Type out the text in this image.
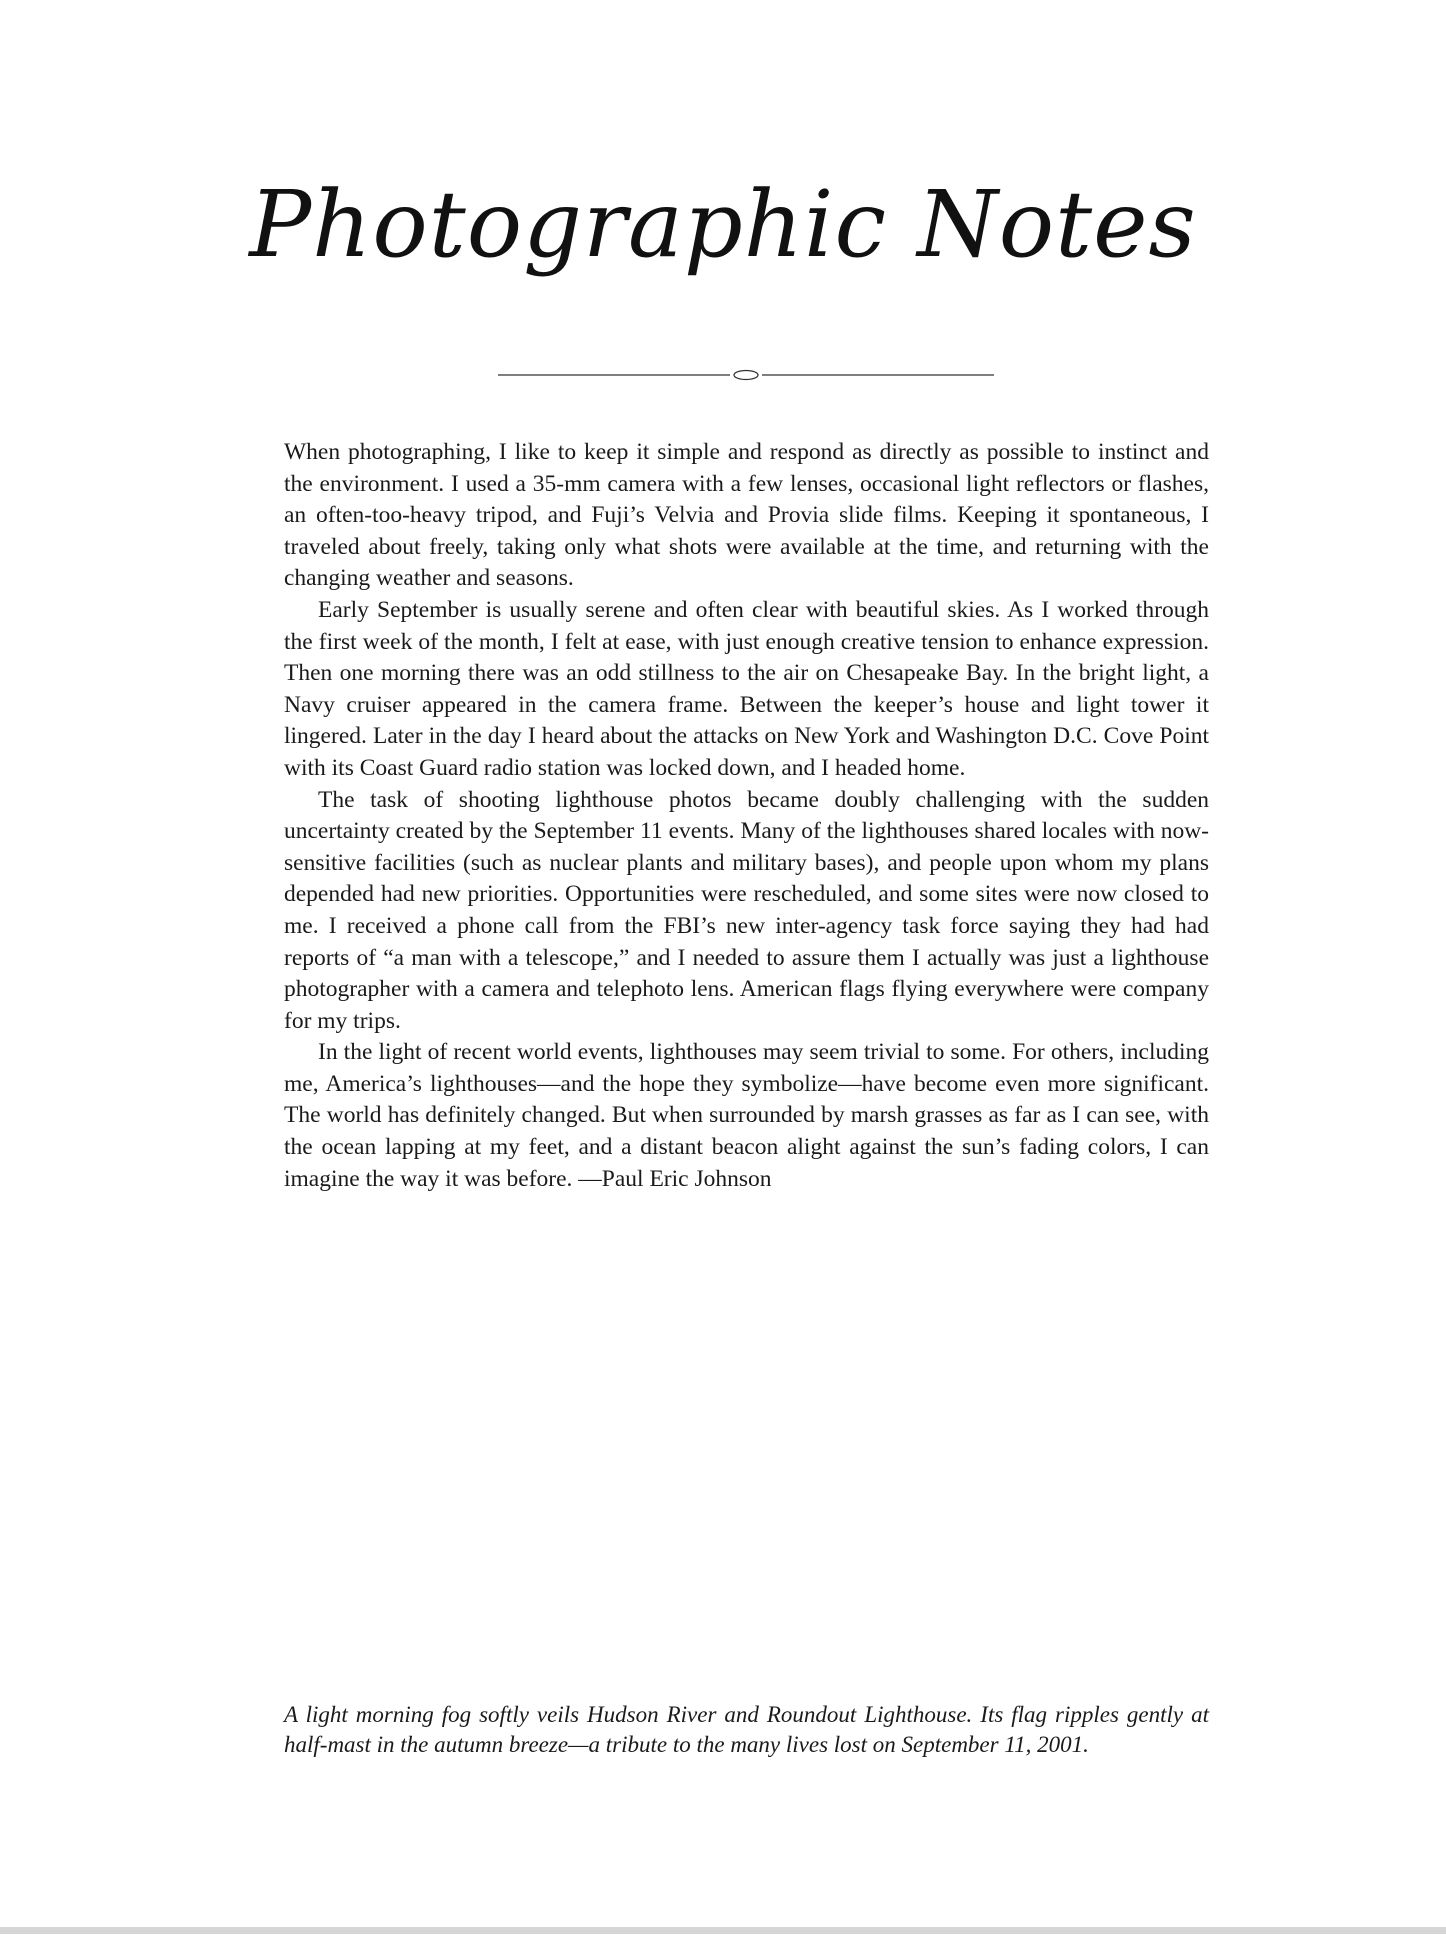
Photographic Notes

When photographing, I like to keep it simple and respond as directly as possible to instinct and the environment. I used a 35-mm camera with a few lenses, occasional light reflectors or flashes, an often-too-heavy tripod, and Fuji’s Velvia and Provia slide films. Keeping it spontaneous, I traveled about freely, taking only what shots were available at the time, and returning with the changing weather and seasons.

Early September is usually serene and often clear with beautiful skies. As I worked through the first week of the month, I felt at ease, with just enough creative tension to enhance expression. Then one morning there was an odd stillness to the air on Chesapeake Bay. In the bright light, a Navy cruiser appeared in the camera frame. Between the keeper’s house and light tower it lingered. Later in the day I heard about the attacks on New York and Washington D.C. Cove Point with its Coast Guard radio station was locked down, and I headed home.

The task of shooting lighthouse photos became doubly challenging with the sudden uncertainty created by the September 11 events. Many of the lighthouses shared locales with now-sensitive facilities (such as nuclear plants and military bases), and people upon whom my plans depended had new priorities. Opportunities were rescheduled, and some sites were now closed to me. I received a phone call from the FBI’s new inter-agency task force saying they had had reports of “a man with a telescope,” and I needed to assure them I actually was just a lighthouse photographer with a camera and telephoto lens. American flags flying everywhere were company for my trips.

In the light of recent world events, lighthouses may seem trivial to some. For others, including me, America’s lighthouses—and the hope they symbolize—have become even more significant. The world has definitely changed. But when surrounded by marsh grasses as far as I can see, with the ocean lapping at my feet, and a distant beacon alight against the sun’s fading colors, I can imagine the way it was before. —Paul Eric Johnson

A light morning fog softly veils Hudson River and Roundout Lighthouse. Its flag ripples gently at half-mast in the autumn breeze—a tribute to the many lives lost on September 11, 2001.
